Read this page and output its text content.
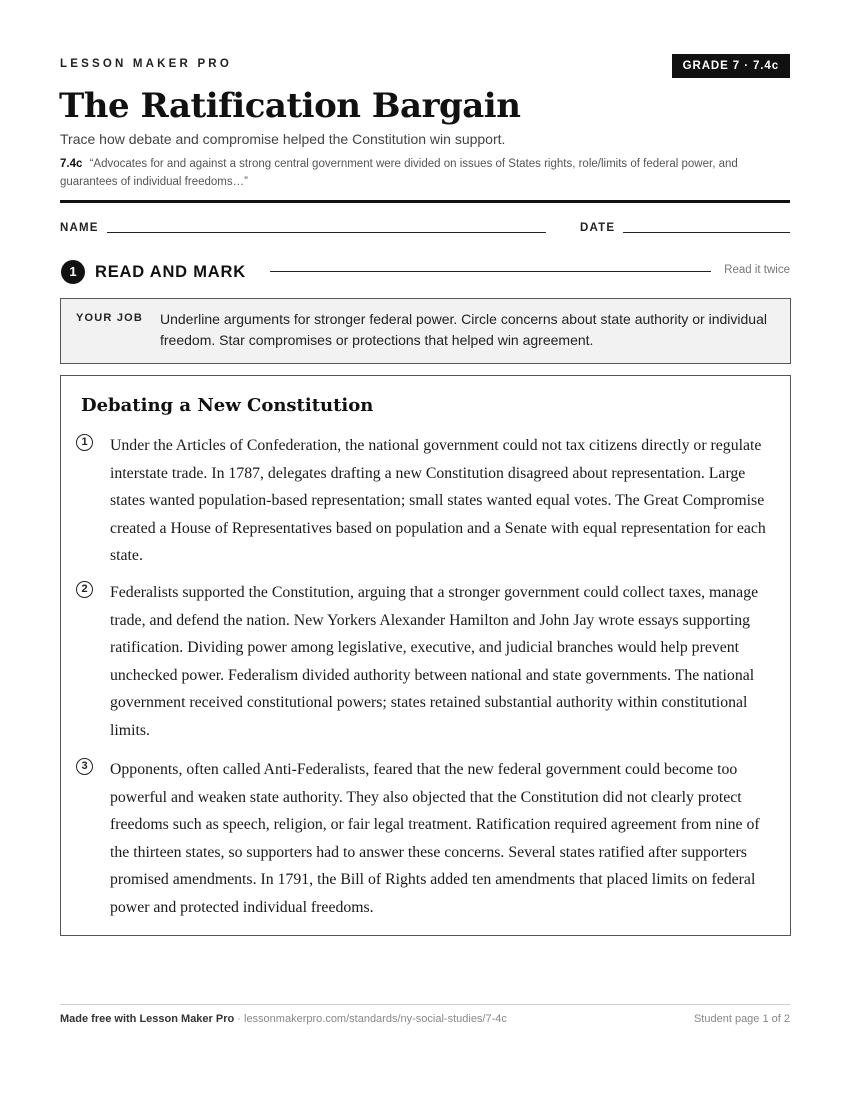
LESSON MAKER PRO	GRADE 7 · 7.4c
The Ratification Bargain
Trace how debate and compromise helped the Constitution win support.
7.4c “Advocates for and against a strong central government were divided on issues of States rights, role/limits of federal power, and guarantees of individual freedoms…”
NAME	DATE
1	READ AND MARK	Read it twice
YOUR JOB Underline arguments for stronger federal power. Circle concerns about state authority or individual freedom. Star compromises or protections that helped win agreement.
Debating a New Constitution
1	Under the Articles of Confederation, the national government could not tax citizens directly or regulate interstate trade. In 1787, delegates drafting a new Constitution disagreed about representation. Large states wanted population-based representation; small states wanted equal votes. The Great Compromise created a House of Representatives based on population and a Senate with equal representation for each state.

2	Federalists supported the Constitution, arguing that a stronger government could collect taxes, manage trade, and defend the nation. New Yorkers Alexander Hamilton and John Jay wrote essays supporting ratification. Dividing power among legislative, executive, and judicial branches would help prevent unchecked power. Federalism divided authority between national and state governments. The national government received constitutional powers; states retained substantial authority within constitutional limits.

3	Opponents, often called Anti-Federalists, feared that the new federal government could become too powerful and weaken state authority. They also objected that the Constitution did not clearly protect freedoms such as speech, religion, or fair legal treatment. Ratification required agreement from nine of the thirteen states, so supporters had to answer these concerns. Several states ratified after supporters promised amendments. In 1791, the Bill of Rights added ten amendments that placed limits on federal power and protected individual freedoms.

Made free with Lesson Maker Pro · lessonmakerpro.com/standards/ny-social-studies/7-4c	Student page 1 of 2
